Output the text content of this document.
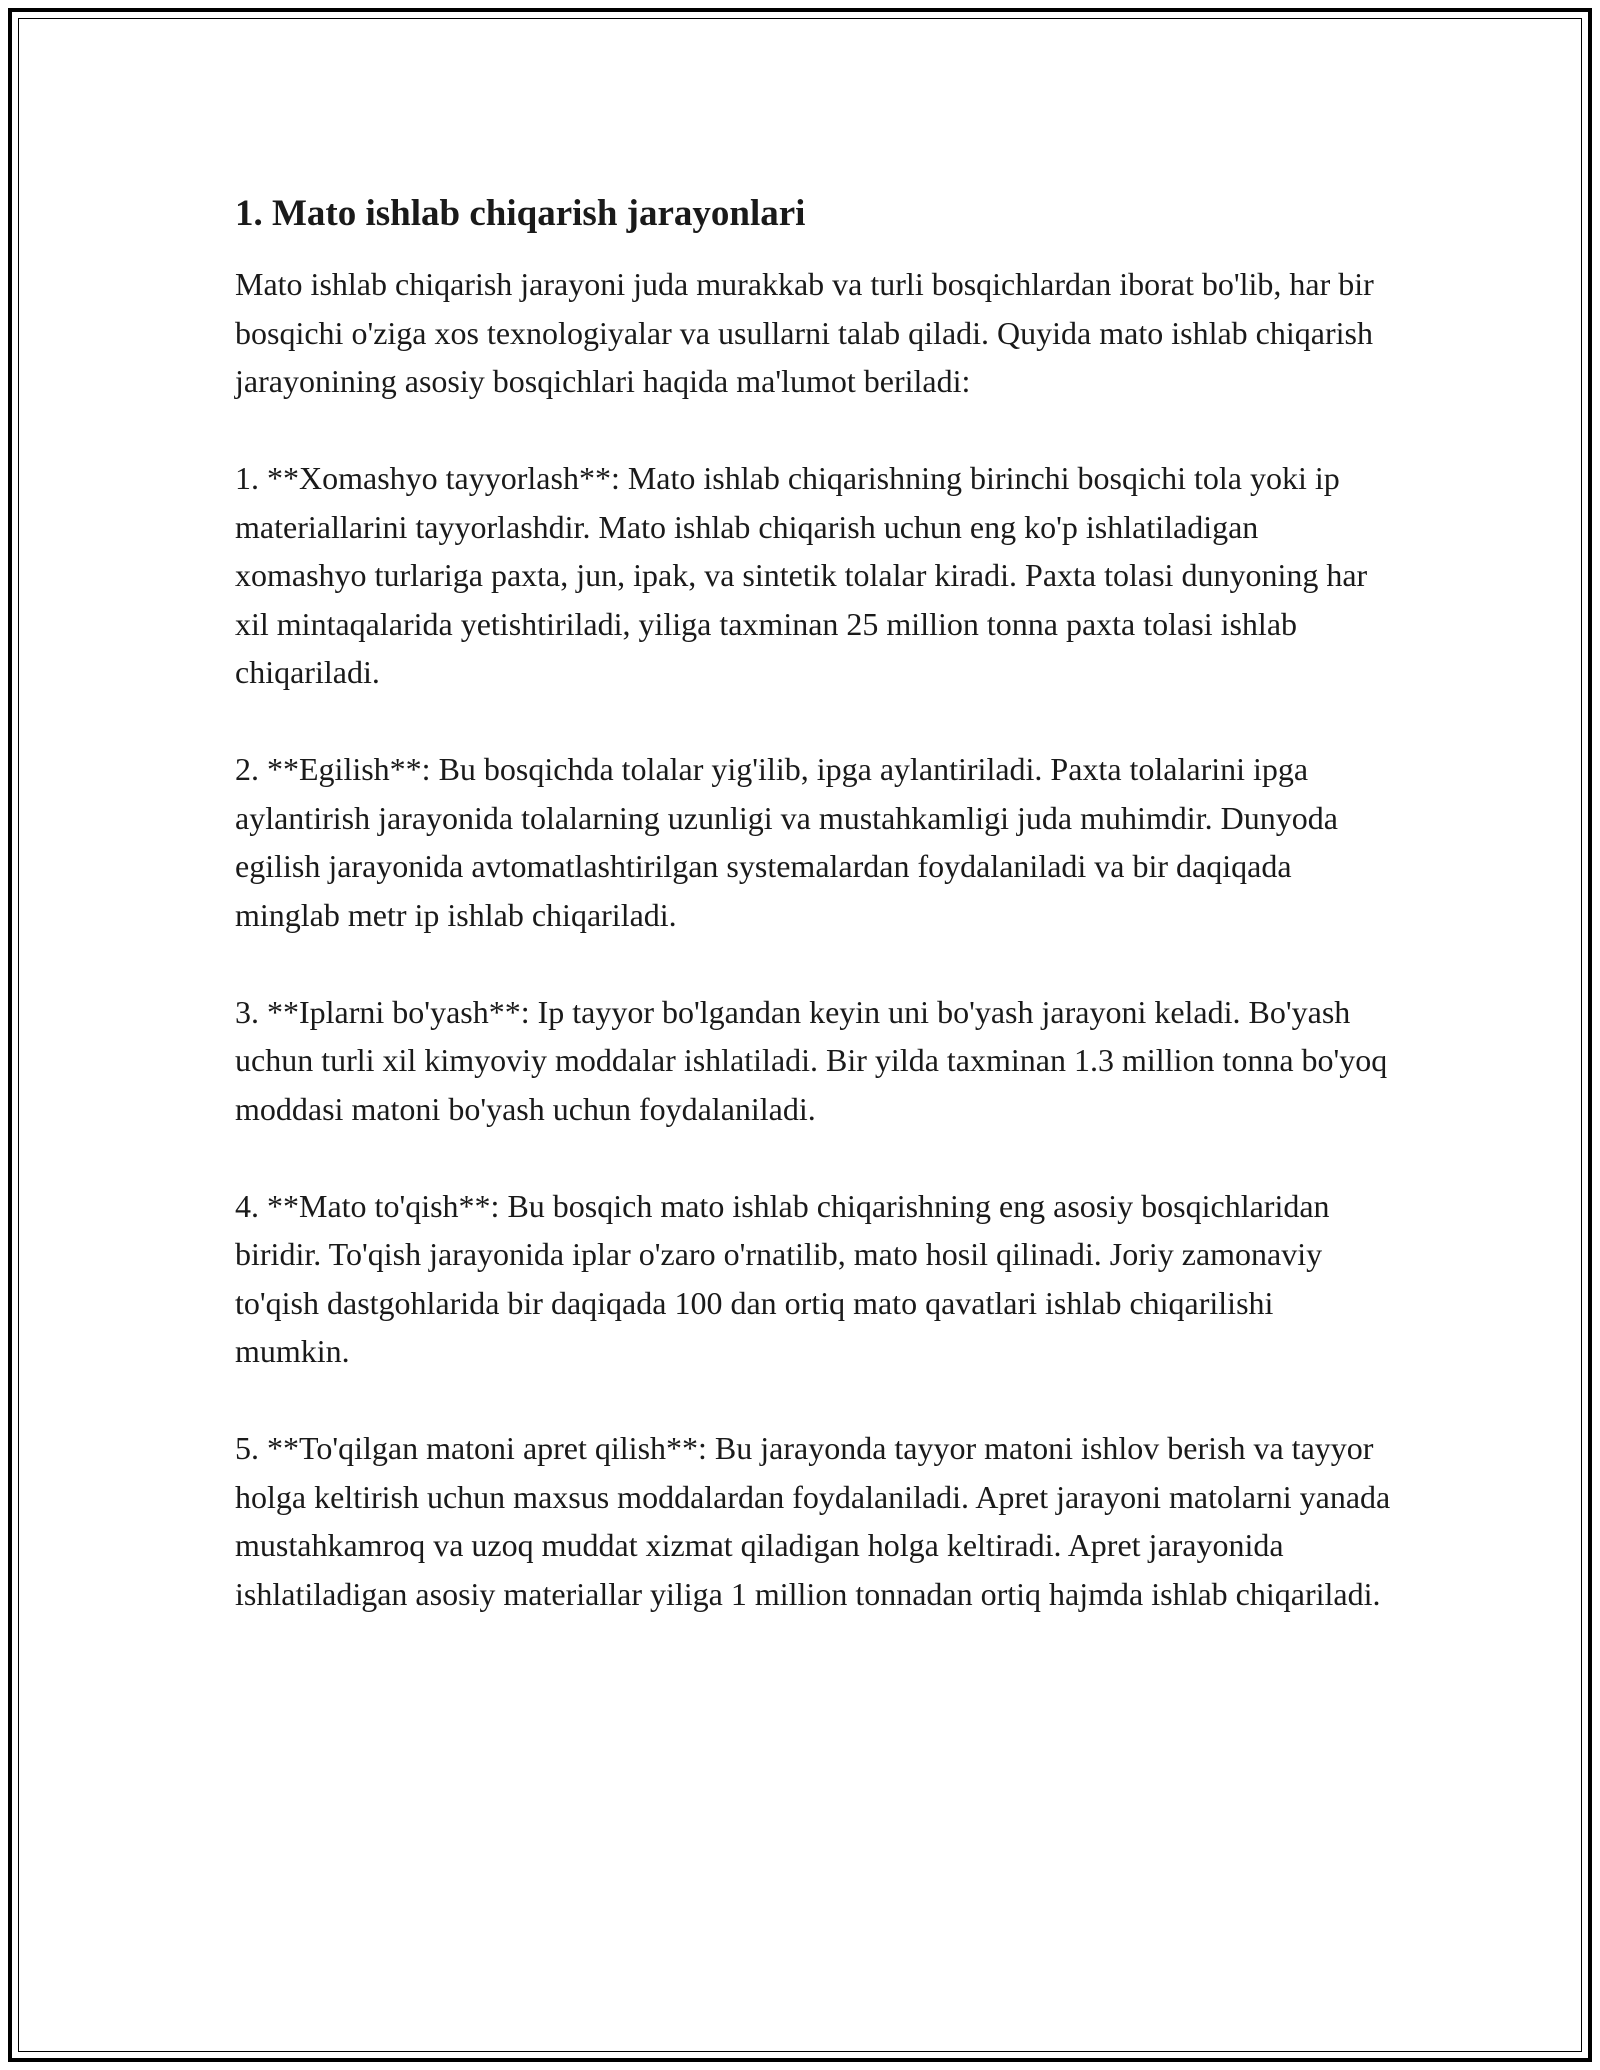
1. Mato ishlab chiqarish jarayonlari

Mato ishlab chiqarish jarayoni juda murakkab va turli bosqichlardan iborat bo'lib, har bir bosqichi o'ziga xos texnologiyalar va usullarni talab qiladi. Quyida mato ishlab chiqarish jarayonining asosiy bosqichlari haqida ma'lumot beriladi:

1. **Xomashyo tayyorlash**: Mato ishlab chiqarishning birinchi bosqichi tola yoki ip materiallarini tayyorlashdir. Mato ishlab chiqarish uchun eng ko'p ishlatiladigan xomashyo turlariga paxta, jun, ipak, va sintetik tolalar kiradi. Paxta tolasi dunyoning har xil mintaqalarida yetishtiriladi, yiliga taxminan 25 million tonna paxta tolasi ishlab chiqariladi.

2. **Egilish**: Bu bosqichda tolalar yig'ilib, ipga aylantiriladi. Paxta tolalarini ipga aylantirish jarayonida tolalarning uzunligi va mustahkamligi juda muhimdir. Dunyoda egilish jarayonida avtomatlashtirilgan systemalardan foydalaniladi va bir daqiqada minglab metr ip ishlab chiqariladi.

3. **Iplarni bo'yash**: Ip tayyor bo'lgandan keyin uni bo'yash jarayoni keladi. Bo'yash uchun turli xil kimyoviy moddalar ishlatiladi. Bir yilda taxminan 1.3 million tonna bo'yoq moddasi matoni bo'yash uchun foydalaniladi.

4. **Mato to'qish**: Bu bosqich mato ishlab chiqarishning eng asosiy bosqichlaridan biridir. To'qish jarayonida iplar o'zaro o'rnatilib, mato hosil qilinadi. Joriy zamonaviy to'qish dastgohlarida bir daqiqada 100 dan ortiq mato qavatlari ishlab chiqarilishi mumkin.

5. **To'qilgan matoni apret qilish**: Bu jarayonda tayyor matoni ishlov berish va tayyor holga keltirish uchun maxsus moddalardan foydalaniladi. Apret jarayoni matolarni yanada mustahkamroq va uzoq muddat xizmat qiladigan holga keltiradi. Apret jarayonida ishlatiladigan asosiy materiallar yiliga 1 million tonnadan ortiq hajmda ishlab chiqariladi.
